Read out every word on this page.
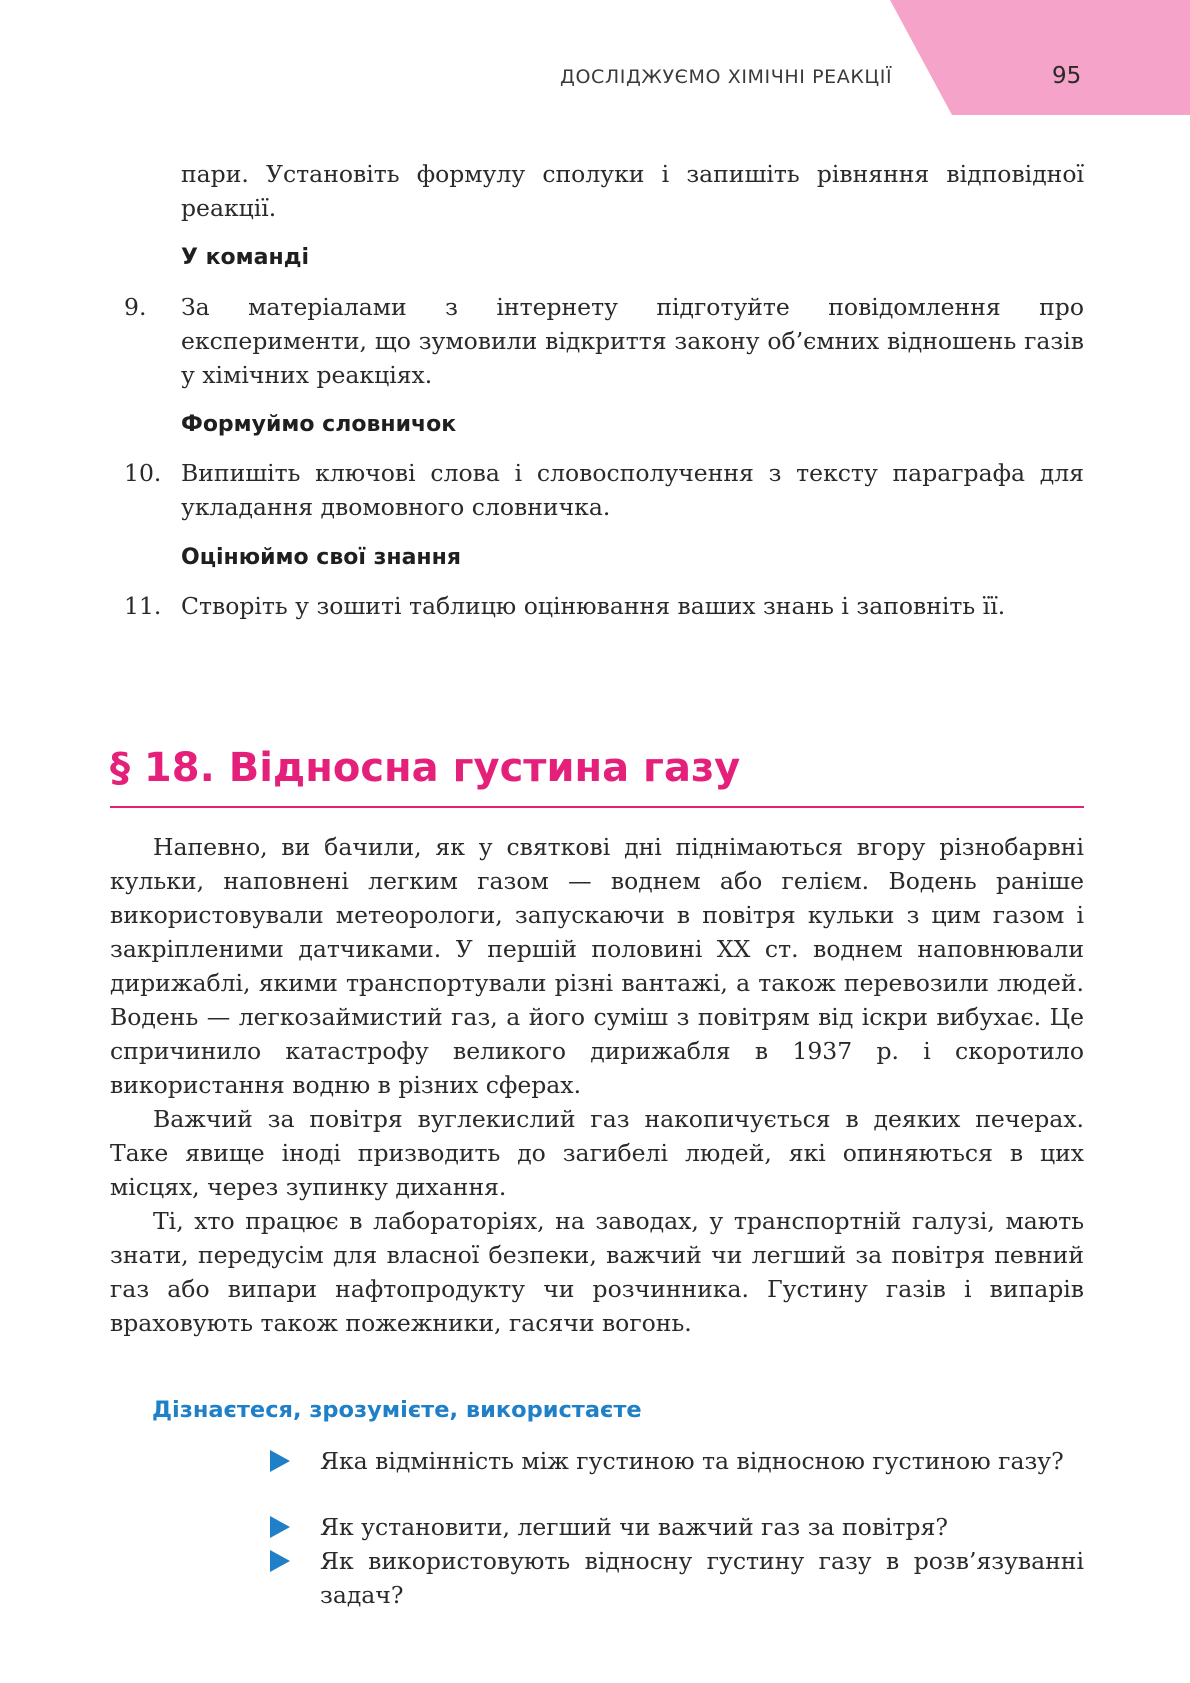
ДОСЛІДЖУЄМО ХІМІЧНІ РЕАКЦІЇ	95
пари. Установіть формулу сполуки і запишіть рівняння відповідної реакції.
У команді
9. За матеріалами з інтернету підготуйте повідомлення про експерименти, що зумовили відкриття закону об’ємних відношень газів у хімічних реакціях.
Формуймо словничок
10. Випишіть ключові слова і словосполучення з тексту параграфа для укладання двомовного словничка.
Оцінюймо свої знання
11. Створіть у зошиті таблицю оцінювання ваших знань і заповніть її.
§ 18. Відносна густина газу

Напевно, ви бачили, як у святкові дні піднімаються вгору різнобарвні кульки, наповнені легким газом — воднем або гелієм. Водень раніше використовували метеорологи, запускаючи в повітря кульки з цим газом і закріпленими датчиками. У першій половині XX ст. воднем наповнювали дирижаблі, якими транспортували різні вантажі, а також перевозили людей. Водень — легкозаймистий газ, а його суміш з повітрям від іскри вибухає. Це спричинило катастрофу великого дирижабля в 1937 р. і скоротило використання водню в різних сферах.

Важчий за повітря вуглекислий газ накопичується в деяких печерах. Таке явище іноді призводить до загибелі людей, які опиняються в цих місцях, через зупинку дихання.

Ті, хто працює в лабораторіях, на заводах, у транспортній галузі, мають знати, передусім для власної безпеки, важчий чи легший за повітря певний газ або випари нафтопродукту чи розчинника. Густину газів і випарів враховують також пожежники, гасячи вогонь.

Дізнаєтеся, зрозумієте, використаєте
Яка відмінність між густиною та відносною густиною газу?
Як установити, легший чи важчий газ за повітря?
Як використовують відносну густину газу в розв’язуванні задач?
